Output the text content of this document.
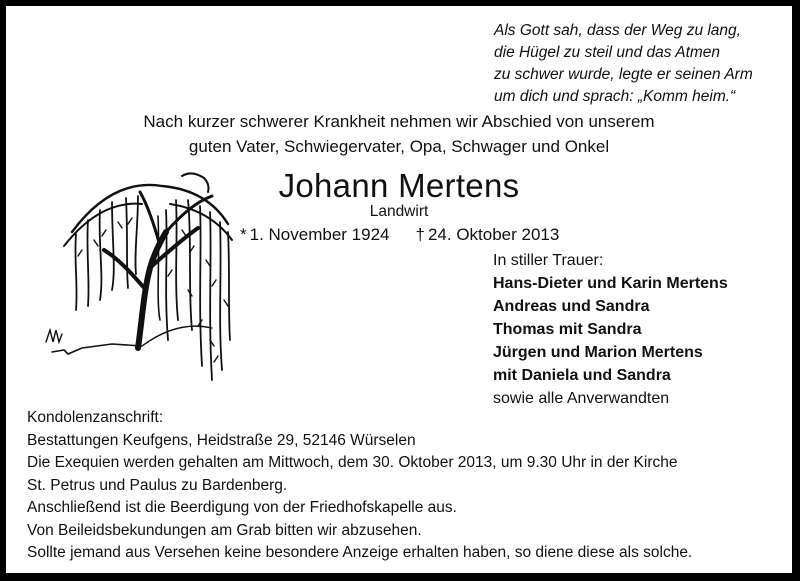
Als Gott sah, dass der Weg zu lang,
die Hügel zu steil und das Atmen
zu schwer wurde, legte er seinen Arm
um dich und sprach: „Komm heim.“
Nach kurzer schwerer Krankheit nehmen wir Abschied von unserem
guten Vater, Schwiegervater, Opa, Schwager und Onkel
Johann Mertens
Landwirt
* 1. November 1924 † 24. Oktober 2013
In stiller Trauer:
Hans-Dieter und Karin Mertens
Andreas und Sandra
Thomas mit Sandra
Jürgen und Marion Mertens
mit Daniela und Sandra
sowie alle Anverwandten
Kondolenzanschrift:
Bestattungen Keufgens, Heidstraße 29, 52146 Würselen
Die Exequien werden gehalten am Mittwoch, dem 30. Oktober 2013, um 9.30 Uhr in der Kirche
St. Petrus und Paulus zu Bardenberg.
Anschließend ist die Beerdigung von der Friedhofskapelle aus.
Von Beileidsbekundungen am Grab bitten wir abzusehen.
Sollte jemand aus Versehen keine besondere Anzeige erhalten haben, so diene diese als solche.
